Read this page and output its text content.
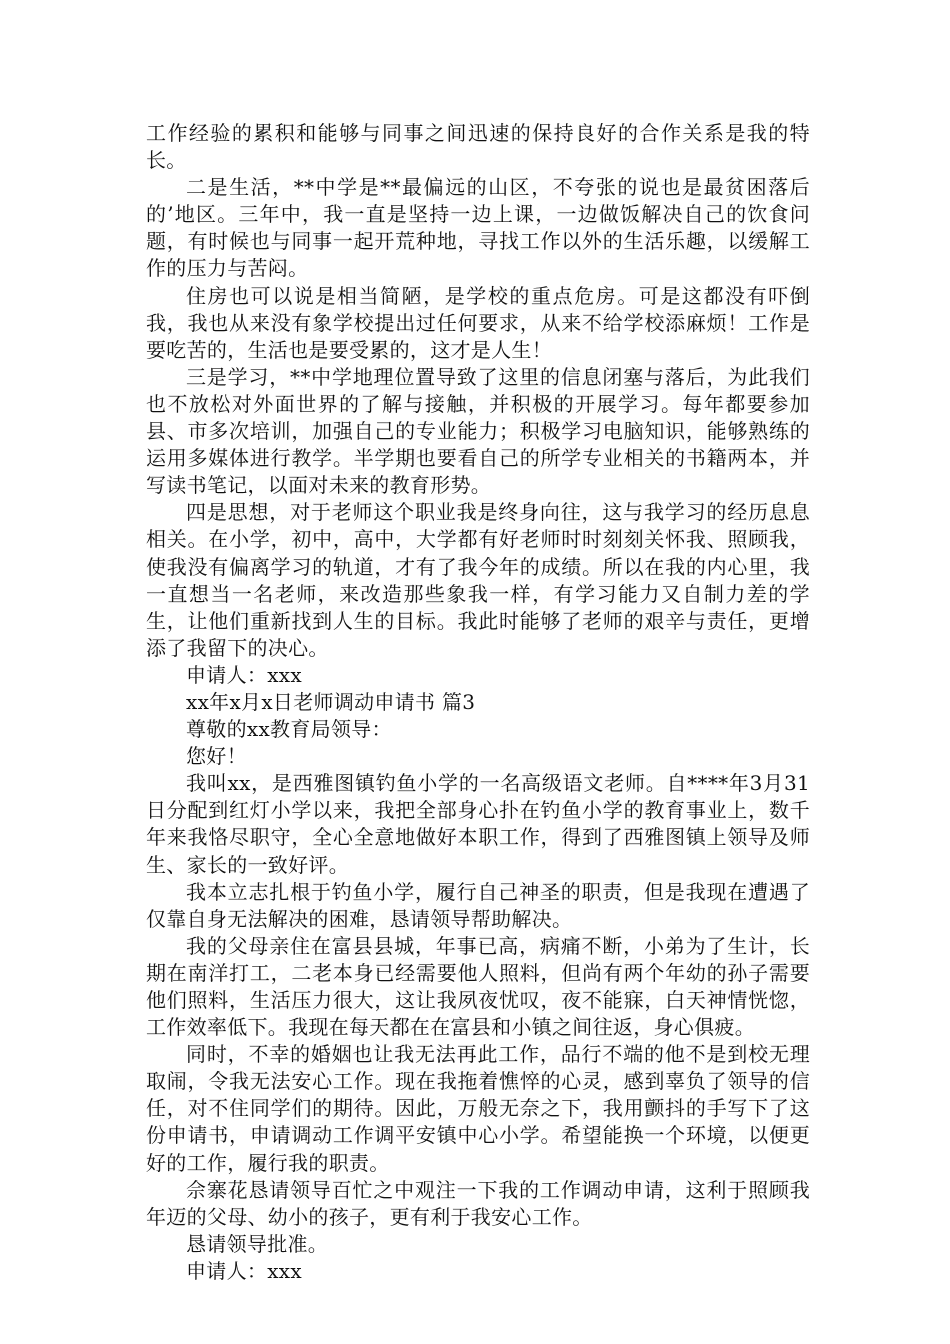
工作经验的累积和能够与同事之间迅速的保持良好的合作关系是我的特长。

二是生活，**中学是**最偏远的山区，不夸张的说也是最贫困落后的’地区。三年中，我一直是坚持一边上课，一边做饭解决自己的饮食问题，有时候也与同事一起开荒种地，寻找工作以外的生活乐趣，以缓解工作的压力与苦闷。

住房也可以说是相当简陋，是学校的重点危房。可是这都没有吓倒我，我也从来没有象学校提出过任何要求，从来不给学校添麻烦！工作是要吃苦的，生活也是要受累的，这才是人生！

三是学习，**中学地理位置导致了这里的信息闭塞与落后，为此我们也不放松对外面世界的了解与接触，并积极的开展学习。每年都要参加县、市多次培训，加强自己的专业能力；积极学习电脑知识，能够熟练的运用多媒体进行教学。半学期也要看自己的所学专业相关的书籍两本，并写读书笔记，以面对未来的教育形势。

四是思想，对于老师这个职业我是终身向往，这与我学习的经历息息相关。在小学，初中，高中，大学都有好老师时时刻刻关怀我、照顾我，使我没有偏离学习的轨道，才有了我今年的成绩。所以在我的内心里，我一直想当一名老师，来改造那些象我一样，有学习能力又自制力差的学生，让他们重新找到人生的目标。我此时能够了老师的艰辛与责任，更增添了我留下的决心。

申请人：xxx

xx年x月x日老师调动申请书 篇3

尊敬的xx教育局领导：

您好！

我叫xx，是西雅图镇钓鱼小学的一名高级语文老师。自****年3月31日分配到红灯小学以来，我把全部身心扑在钓鱼小学的教育事业上，数千年来我恪尽职守，全心全意地做好本职工作，得到了西雅图镇上领导及师生、家长的一致好评。

我本立志扎根于钓鱼小学，履行自己神圣的职责，但是我现在遭遇了仅靠自身无法解决的困难，恳请领导帮助解决。

我的父母亲住在富县县城，年事已高，病痛不断，小弟为了生计，长期在南洋打工，二老本身已经需要他人照料，但尚有两个年幼的孙子需要他们照料，生活压力很大，这让我夙夜忧叹，夜不能寐，白天神情恍惚，工作效率低下。我现在每天都在在富县和小镇之间往返，身心俱疲。

同时，不幸的婚姻也让我无法再此工作，品行不端的他不是到校无理取闹，令我无法安心工作。现在我拖着憔悴的心灵，感到辜负了领导的信任，对不住同学们的期待。因此，万般无奈之下，我用颤抖的手写下了这份申请书，申请调动工作调平安镇中心小学。希望能换一个环境，以便更好的工作，履行我的职责。

佘寨花恳请领导百忙之中观注一下我的工作调动申请，这利于照顾我年迈的父母、幼小的孩子，更有利于我安心工作。

恳请领导批准。

申请人：xxx
